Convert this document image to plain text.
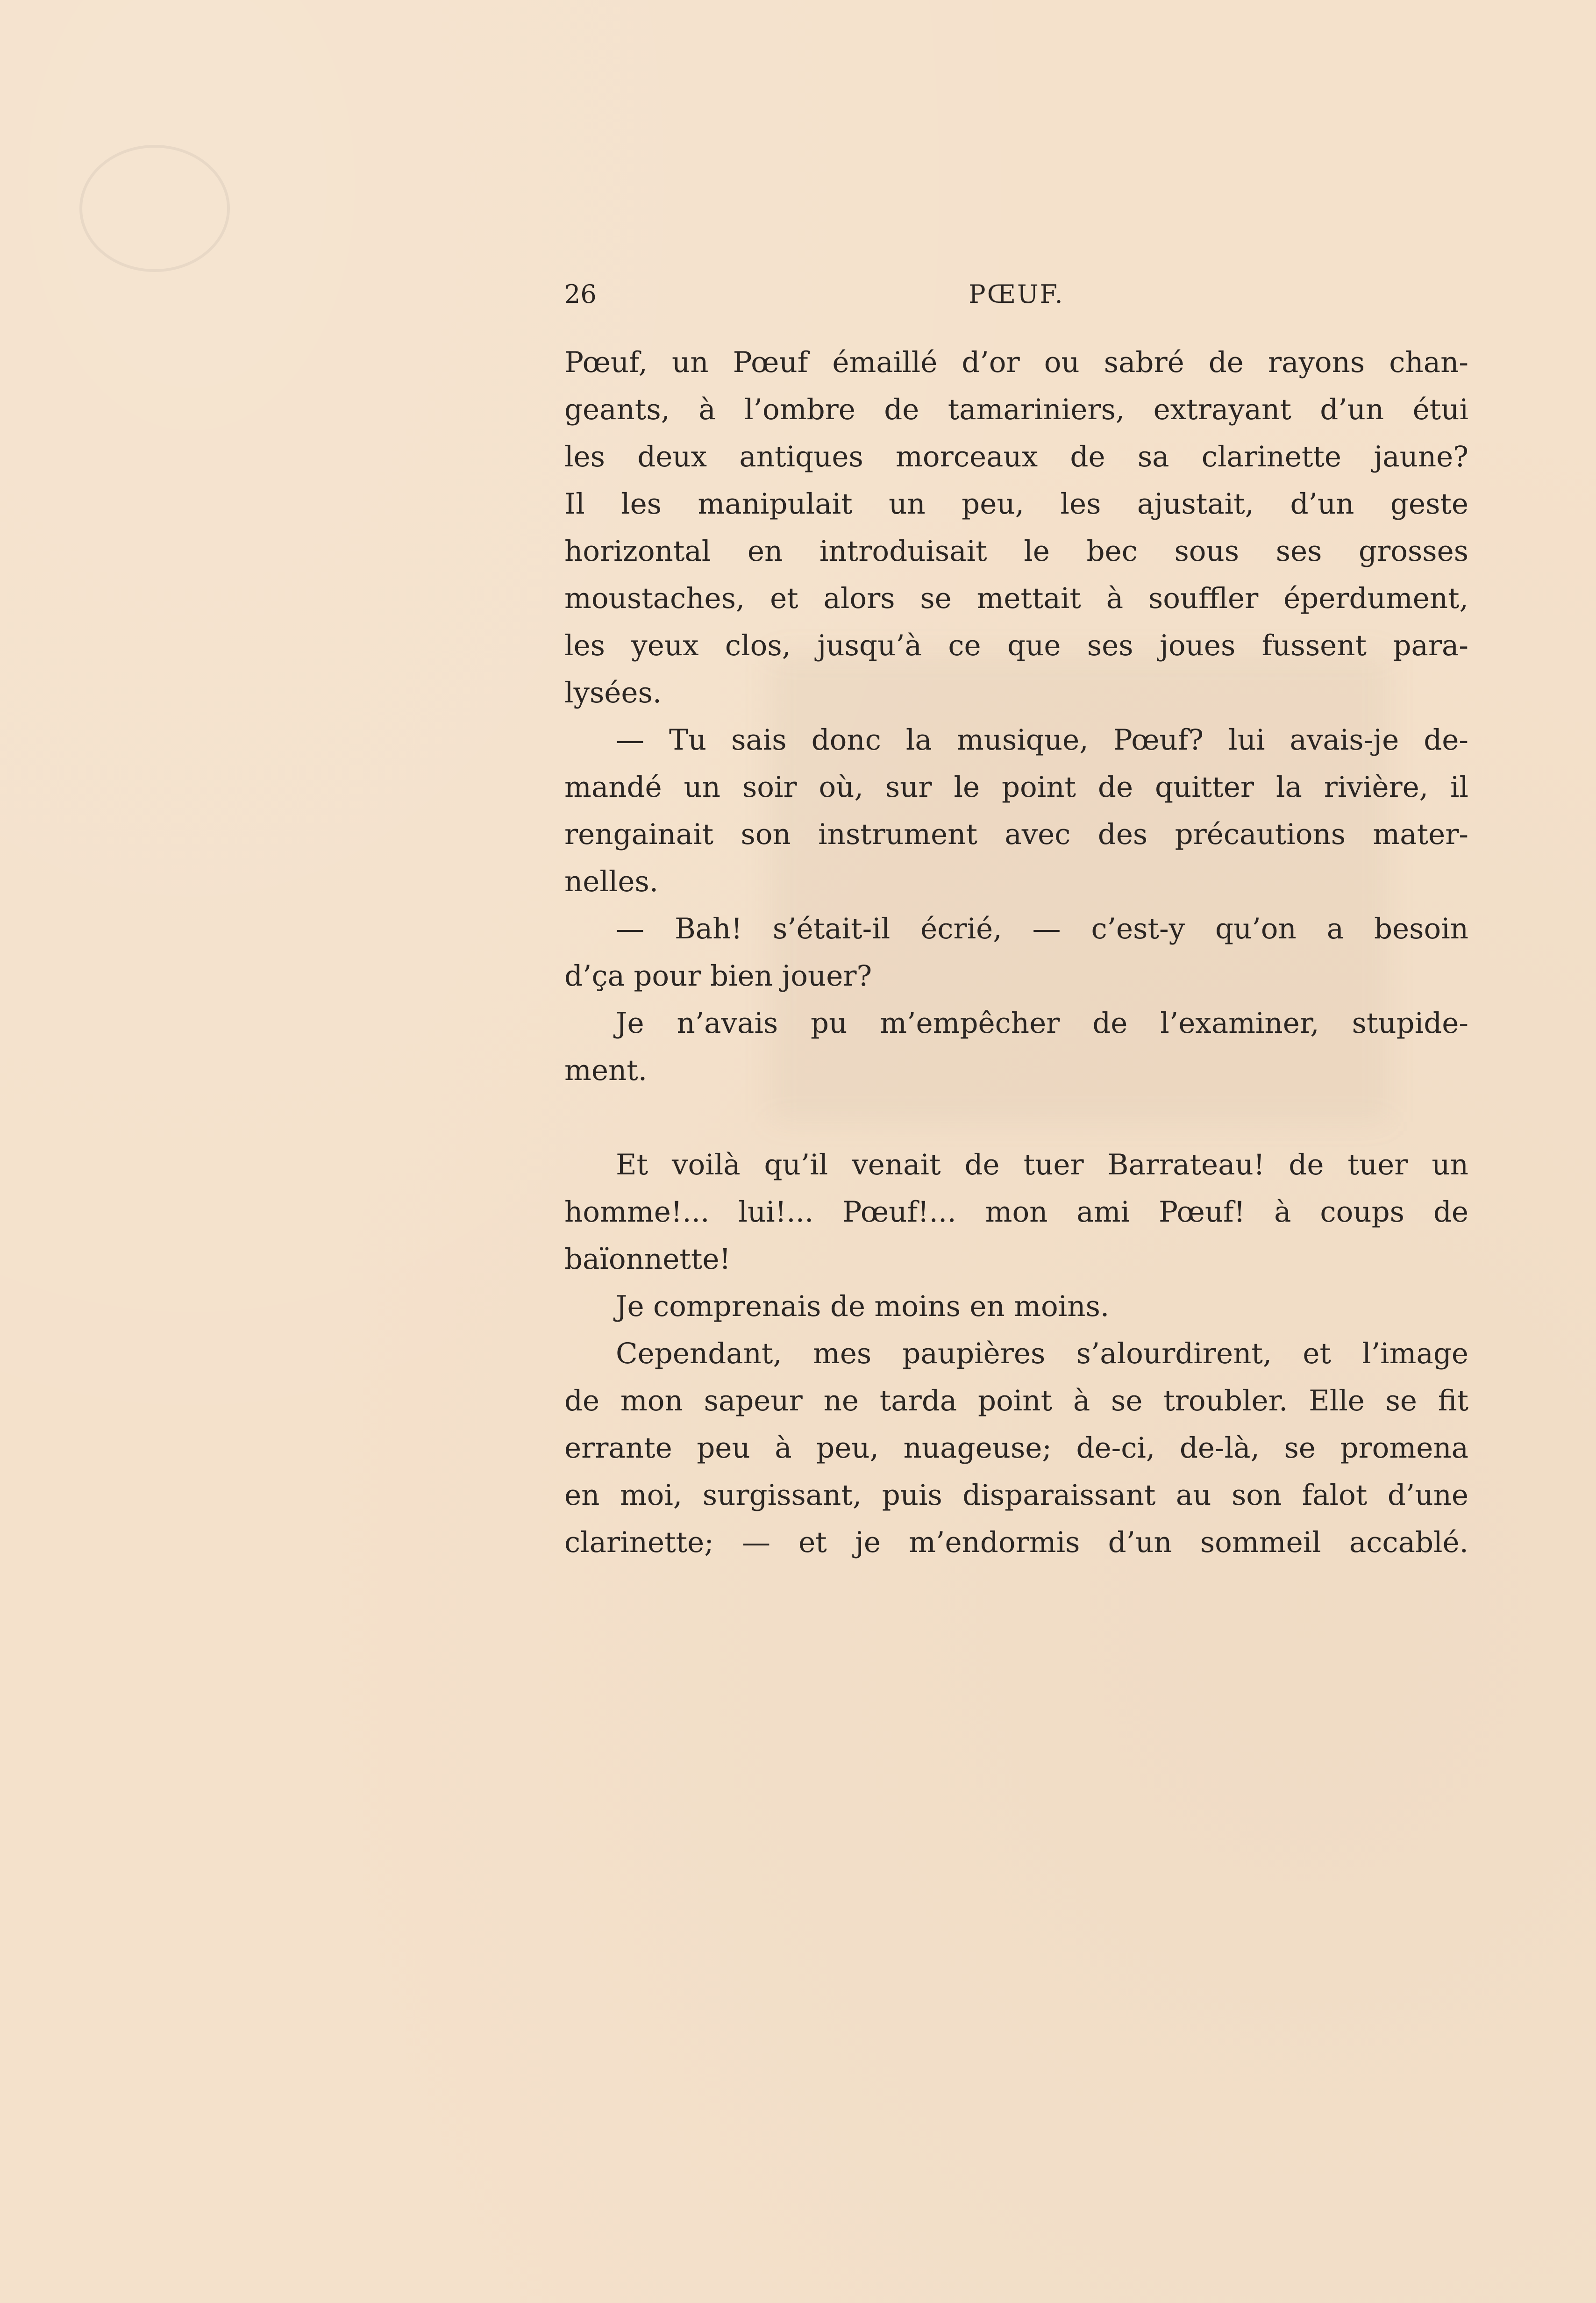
26	PŒUF.
Pœuf, un Pœuf émaillé d’or ou sabré de rayons chan-
geants, à l’ombre de tamariniers, extrayant d’un étui
les deux antiques morceaux de sa clarinette jaune?
Il les manipulait un peu, les ajustait, d’un geste
horizontal en introduisait le bec sous ses grosses
moustaches, et alors se mettait à souffler éperdument,
les yeux clos, jusqu’à ce que ses joues fussent para-
lysées.
— Tu sais donc la musique, Pœuf? lui avais-je de-
mandé un soir où, sur le point de quitter la rivière, il
rengainait son instrument avec des précautions mater-
nelles.
— Bah! s’était-il écrié, — c’est-y qu’on a besoin
d’ça pour bien jouer?
Je n’avais pu m’empêcher de l’examiner, stupide-
ment.
Et voilà qu’il venait de tuer Barrateau! de tuer un
homme!... lui!... Pœuf!... mon ami Pœuf! à coups de
baïonnette!
Je comprenais de moins en moins.
Cependant, mes paupières s’alourdirent, et l’image
de mon sapeur ne tarda point à se troubler. Elle se fit
errante peu à peu, nuageuse; de-ci, de-là, se promena
en moi, surgissant, puis disparaissant au son falot d’une
clarinette; — et je m’endormis d’un sommeil accablé.
